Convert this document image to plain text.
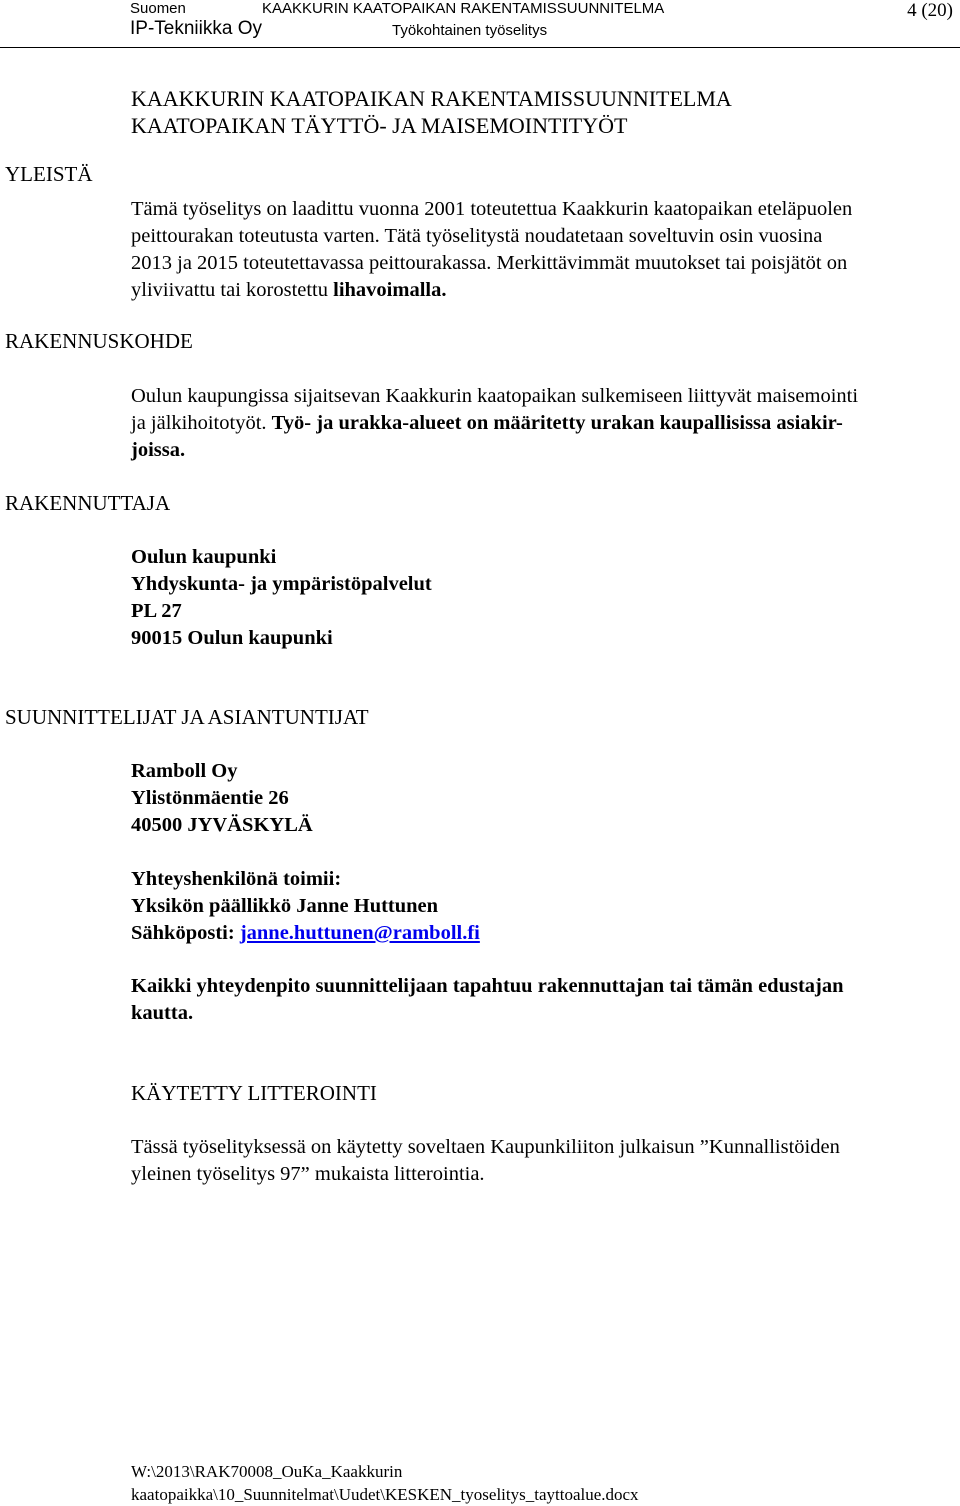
Suomen	KAAKKURIN KAATOPAIKAN RAKENTAMISSUUNNITELMA
IP-Tekniikka Oy	Työkohtainen työselitys
4 (20)
KAAKKURIN KAATOPAIKAN RAKENTAMISSUUNNITELMA
KAATOPAIKAN TÄYTTÖ- JA MAISEMOINTITYÖT
YLEISTÄ

Tämä työselitys on laadittu vuonna 2001 toteutettua Kaakkurin kaatopaikan eteläpuolen

peittourakan toteutusta varten. Tätä työselitystä noudatetaan soveltuvin osin vuosina

2013 ja 2015 toteutettavassa peittourakassa. Merkittävimmät muutokset tai poisjätöt on

yliviivattu tai korostettu lihavoimalla.

RAKENNUSKOHDE

Oulun kaupungissa sijaitsevan Kaakkurin kaatopaikan sulkemiseen liittyvät maisemointi

ja jälkihoitotyöt. Työ- ja urakka-alueet on määritetty urakan kaupallisissa asiakir-

joissa.

RAKENNUTTAJA
Oulun kaupunki
Yhdyskunta- ja ympäristöpalvelut
PL 27
90015 Oulun kaupunki
SUUNNITTELIJAT JA ASIANTUNTIJAT
Ramboll Oy
Ylistönmäentie 26
40500 JYVÄSKYLÄ
Yhteyshenkilönä toimii:
Yksikön päällikkö Janne Huttunen
Sähköposti: janne.huttunen@ramboll.fi
Kaikki yhteydenpito suunnittelijaan tapahtuu rakennuttajan tai tämän edustajan
kautta.
KÄYTETTY LITTEROINTI

Tässä työselityksessä on käytetty soveltaen Kaupunkiliiton julkaisun ”Kunnallistöiden

yleinen työselitys 97” mukaista litterointia.

W:\2013\RAK70008_OuKa_Kaakkurin
kaatopaikka\10_Suunnitelmat\Uudet\KESKEN_tyoselitys_tayttoalue.docx
